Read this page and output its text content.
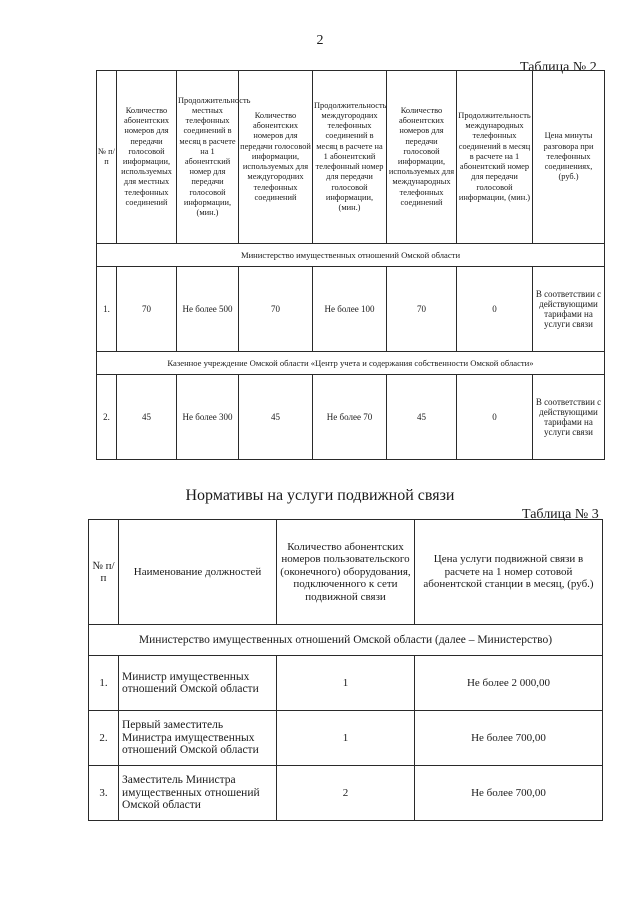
2
Таблица № 2
№ п/п	Количество абонентских номеров для передачи голосовой информации, используемых для местных телефонных соединений	Продолжительность местных телефонных соединений в месяц в расчете на 1 абонентский номер для передачи голосовой информации, (мин.)	Количество абонентских номеров для передачи голосовой информации, используемых для междугородних телефонных соединений	Продолжительность междугородних телефонных соединений в месяц в расчете на 1 абонентский телефонный номер для передачи голосовой информации, (мин.)	Количество абонентских номеров для передачи голосовой информации, используемых для международных телефонных соединений	Продолжительность международных телефонных соединений в месяц в расчете на 1 абонентский номер для передачи голосовой информации, (мин.)	Цена минуты разговора при телефонных соединениях, (руб.)
Министерство имущественных отношений Омской области							
1.	70	Не более 500	70	Не более 100	70	0	В соответствии с действующими тарифами на услуги связи
Казенное учреждение Омской области «Центр учета и содержания собственности Омской области»							
2.	45	Не более 300	45	Не более 70	45	0	В соответствии с действующими тарифами на услуги связи
Нормативы на услуги подвижной связи
Таблица № 3
№ п/п	Наименование должностей	Количество абонентских номеров пользовательского (оконечного) оборудования, подключенного к сети подвижной связи	Цена услуги подвижной связи в расчете на 1 номер сотовой абонентской станции в месяц, (руб.)
Министерство имущественных отношений Омской области (далее – Министерство)			
1.	Министр имущественных отношений Омской области	1	Не более 2 000,00
2.	Первый заместитель Министра имущественных отношений Омской области	1	Не более 700,00
3.	Заместитель Министра имущественных отношений Омской области	2	Не более 700,00
